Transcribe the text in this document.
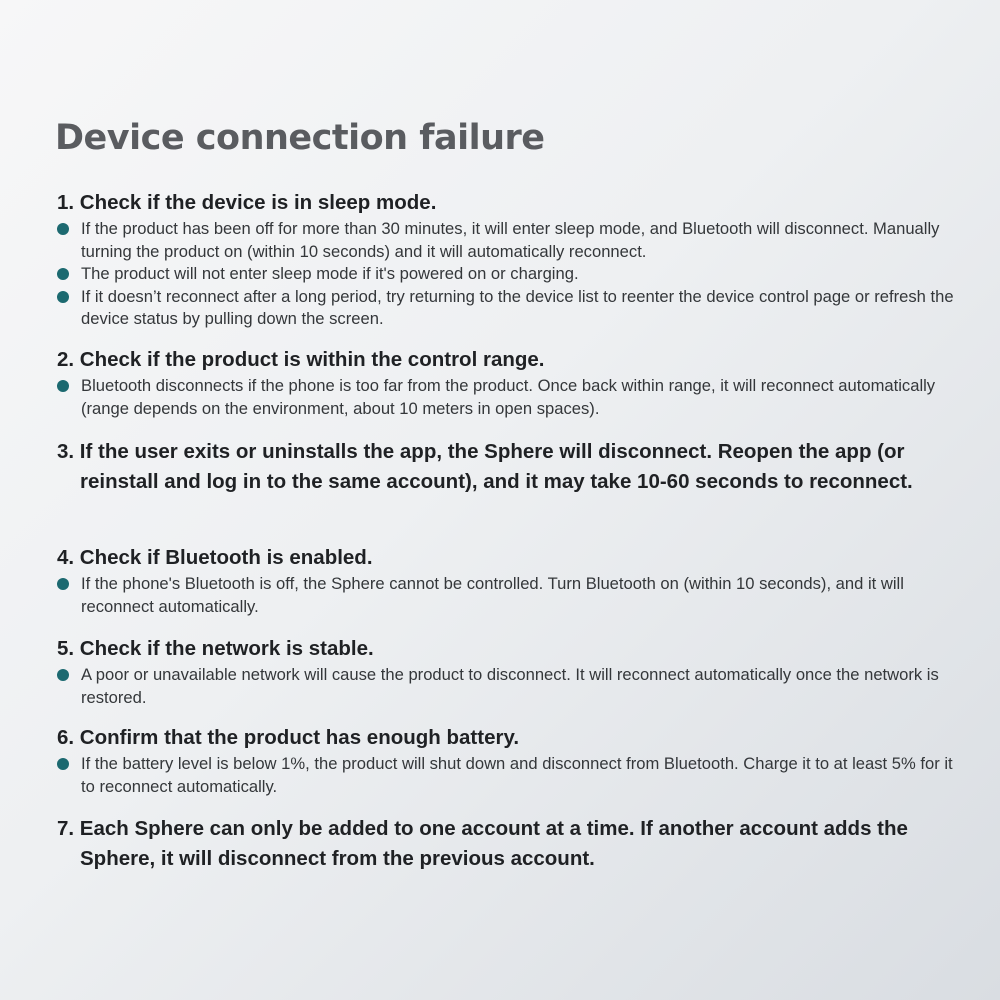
Device connection failure
1. Check if the device is in sleep mode.
If the product has been off for more than 30 minutes, it will enter sleep mode, and Bluetooth will disconnect. Manually turning the product on (within 10 seconds) and it will automatically reconnect.
The product will not enter sleep mode if it's powered on or charging.
If it doesn’t reconnect after a long period, try returning to the device list to reenter the device control page or refresh the device status by pulling down the screen.
2. Check if the product is within the control range.
Bluetooth disconnects if the phone is too far from the product. Once back within range, it will reconnect automatically (range depends on the environment, about 10 meters in open spaces).

3. If the user exits or uninstalls the app, the Sphere will disconnect. Reopen the app (or reinstall and log in to the same account), and it may take 10-60 seconds to reconnect.

4. Check if Bluetooth is enabled.
If the phone's Bluetooth is off, the Sphere cannot be controlled. Turn Bluetooth on (within 10 seconds), and it will reconnect automatically.
5. Check if the network is stable.
A poor or unavailable network will cause the product to disconnect. It will reconnect automatically once the network is restored.
6. Confirm that the product has enough battery.
If the battery level is below 1%, the product will shut down and disconnect from Bluetooth. Charge it to at least 5% for it to reconnect automatically.

7. Each Sphere can only be added to one account at a time. If another account adds the Sphere, it will disconnect from the previous account.
